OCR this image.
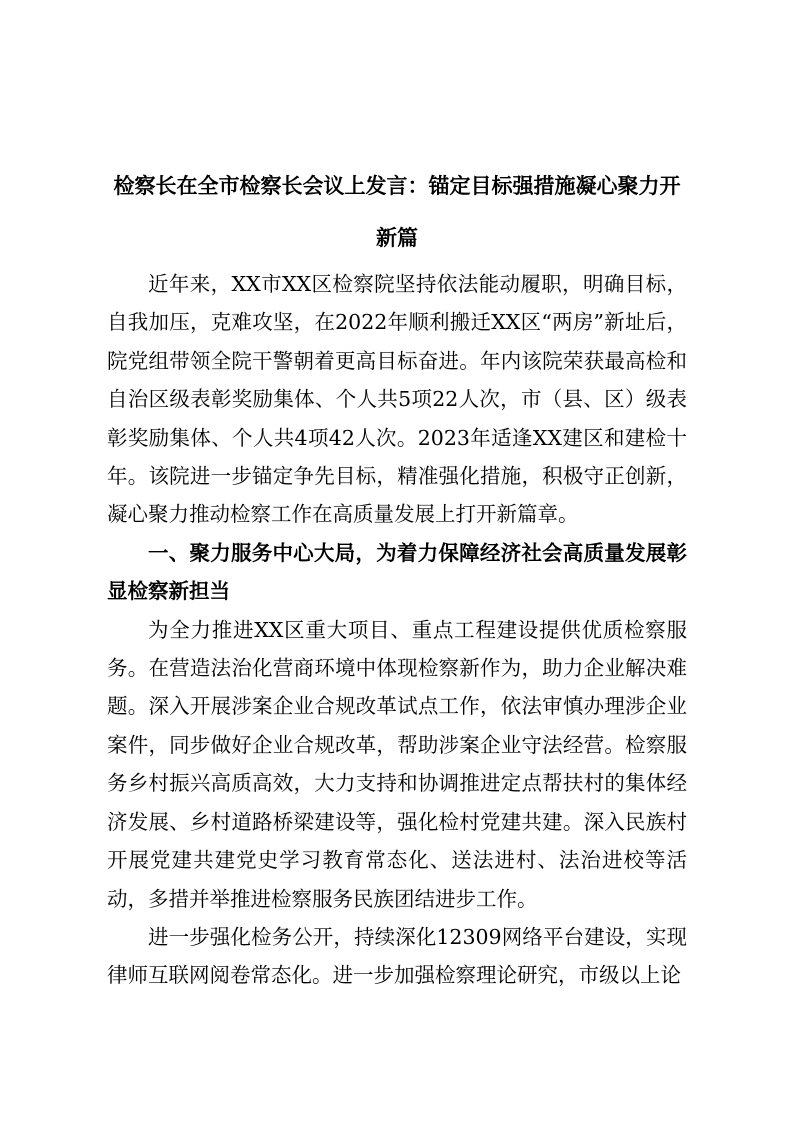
检察长在全市检察长会议上发言：锚定目标强措施凝心聚力开新篇

近年来，XX市XX区检察院坚持依法能动履职，明确目标，自我加压，克难攻坚，在2022年顺利搬迁XX区“两房”新址后，院党组带领全院干警朝着更高目标奋进。年内该院荣获最高检和自治区级表彰奖励集体、个人共5项22人次，市（县、区）级表彰奖励集体、个人共4项42人次。2023年适逢XX建区和建检十年。该院进一步锚定争先目标，精准强化措施，积极守正创新，凝心聚力推动检察工作在高质量发展上打开新篇章。

一、聚力服务中心大局，为着力保障经济社会高质量发展彰显检察新担当

为全力推进XX区重大项目、重点工程建设提供优质检察服务。在营造法治化营商环境中体现检察新作为，助力企业解决难题。深入开展涉案企业合规改革试点工作，依法审慎办理涉企业案件，同步做好企业合规改革，帮助涉案企业守法经营。检察服务乡村振兴高质高效，大力支持和协调推进定点帮扶村的集体经济发展、乡村道路桥梁建设等，强化检村党建共建。深入民族村开展党建共建党史学习教育常态化、送法进村、法治进校等活动，多措并举推进检察服务民族团结进步工作。

进一步强化检务公开，持续深化12309网络平台建设，实现律师互联网阅卷常态化。进一步加强检察理论研究，市级以上论
